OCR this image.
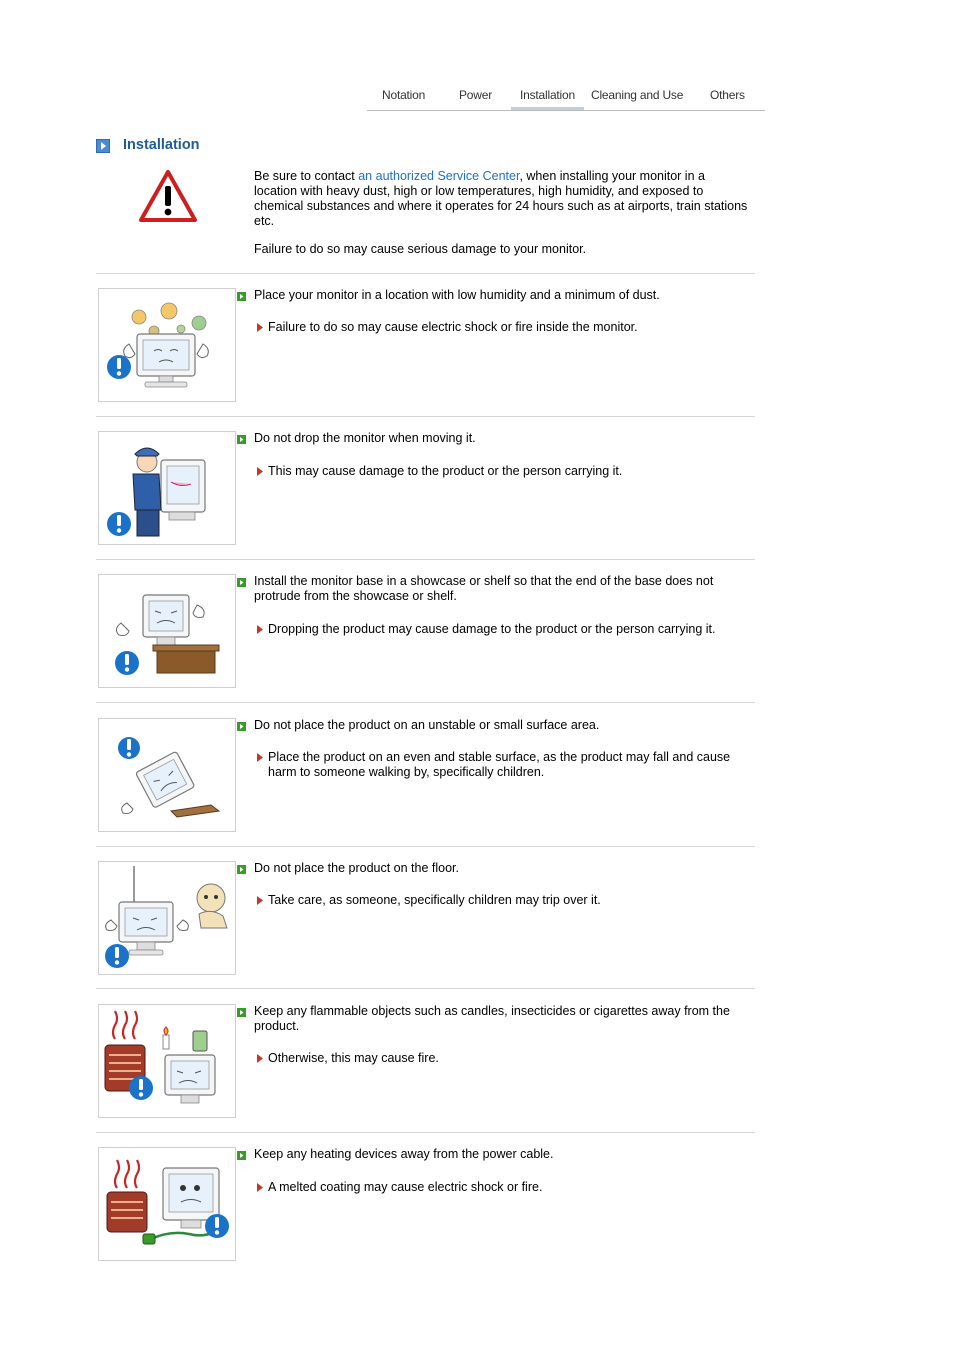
Notation	Power Installation Cleaning and Use Others
Installation

Be sure to contact an authorized Service Center, when installing your monitor in a location with heavy dust, high or low temperatures, high humidity, and exposed to chemical substances and where it operates for 24 hours such as at airports, train stations etc.

Failure to do so may cause serious damage to your monitor.

Place your monitor in a location with low humidity and a minimum of dust.
Failure to do so may cause electric shock or fire inside the monitor.
Do not drop the monitor when moving it.
This may cause damage to the product or the person carrying it.
Install the monitor base in a showcase or shelf so that the end of the base does not protrude from the showcase or shelf.
Dropping the product may cause damage to the product or the person carrying it.
Do not place the product on an unstable or small surface area.
Place the product on an even and stable surface, as the product may fall and cause harm to someone walking by, specifically children.
Do not place the product on the floor.
Take care, as someone, specifically children may trip over it.
Keep any flammable objects such as candles, insecticides or cigarettes away from the product.
Otherwise, this may cause fire.
Keep any heating devices away from the power cable.
A melted coating may cause electric shock or fire.
